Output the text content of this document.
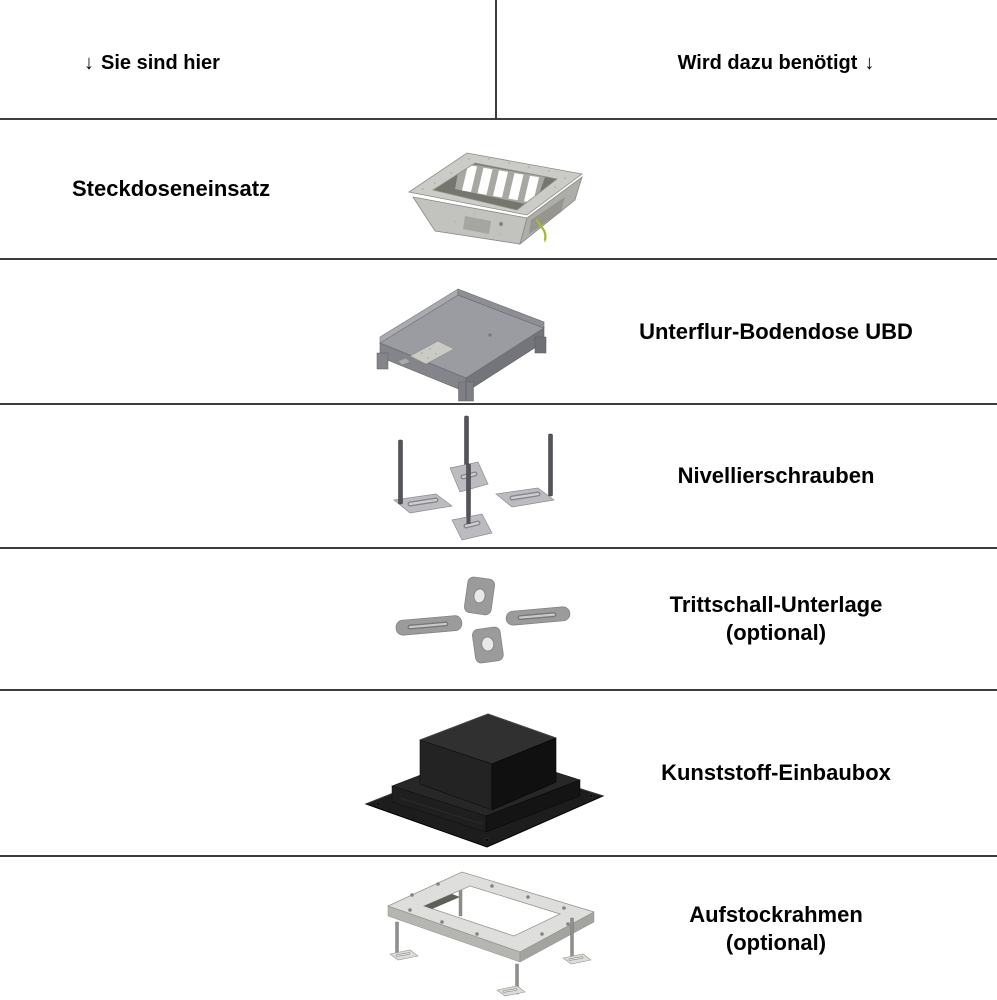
↓ Sie sind hier	Wird dazu benötigt ↓
Steckdoseneinsatz
Unterflur-Bodendose UBD
Nivellierschrauben
Trittschall-Unterlage
(optional)
Kunststoff-Einbaubox
Aufstockrahmen
(optional)
